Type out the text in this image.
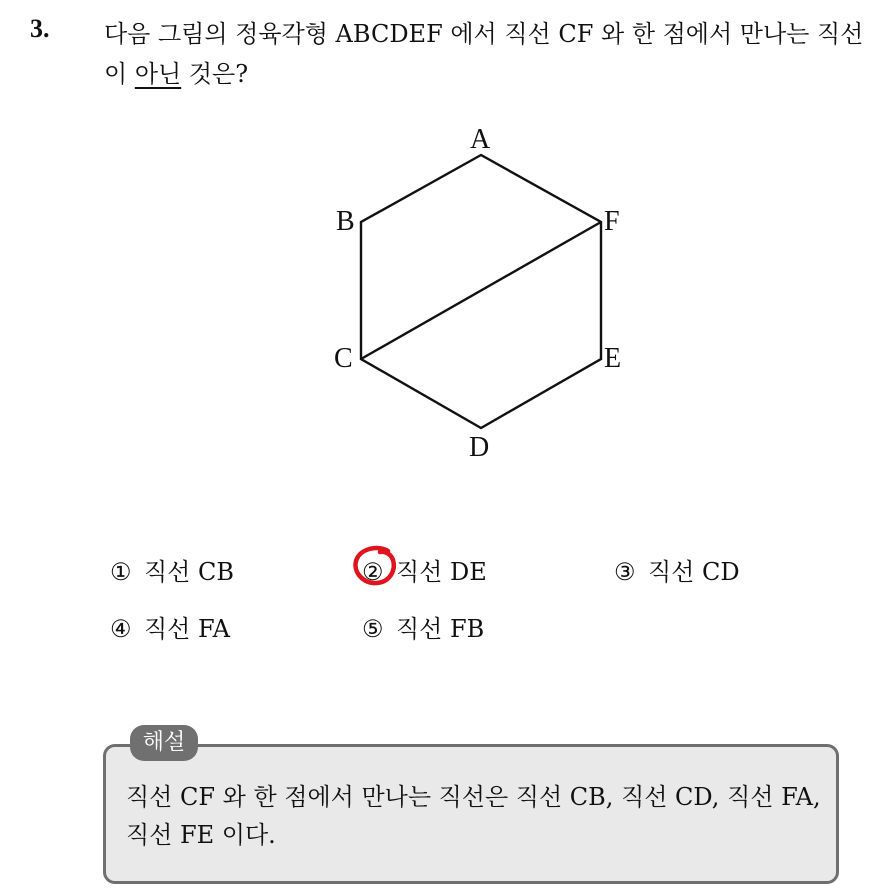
3. 다음 그림의 정육각형 ABCDEF 에서 직선 CF 와 한 점에서 만나는 직선이 아닌 것은?
A
B
C
D
E
F
① 직선 CB	② 직선 DE	③ 직선 CD
④ 직선 FA	⑤ 직선 FB
해설
직선 CF 와 한 점에서 만나는 직선은 직선 CB, 직선 CD, 직선 FA, 직선 FE 이다.
